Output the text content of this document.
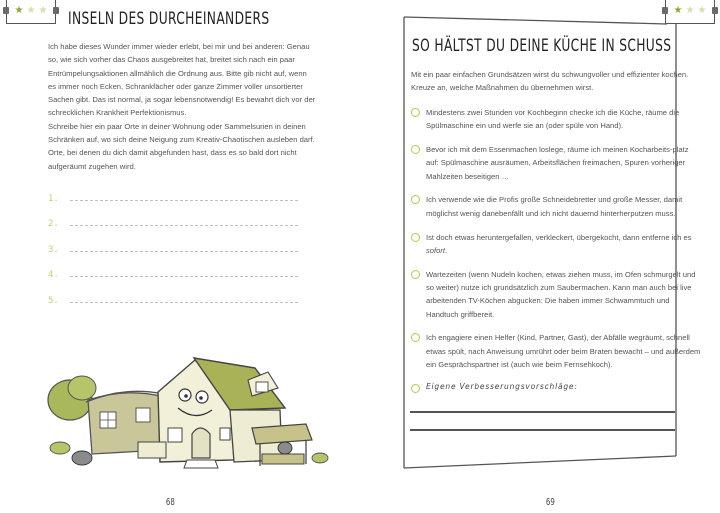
★ ★ ★ INSELN DES DURCHEINANDERS

Ich habe dieses Wunder immer wieder erlebt, bei mir und bei anderen: Genau so, wie sich vorher das Chaos ausgebreitet hat, breitet sich nach ein paar Entrümpelungsaktionen allmählich die Ordnung aus. Bitte gib nicht auf, wenn es immer noch Ecken, Schrankfächer oder ganze Zimmer voller unsortierter Sachen gibt. Das ist normal, ja sogar lebensnotwendig! Es bewahrt dich vor der schrecklichen Krankheit Perfektionismus.

Schreibe hier ein paar Orte in deiner Wohnung oder Sammelsurien in deinen Schränken auf, wo sich deine Neigung zum Kreativ-Chaotischen ausleben darf. Orte, bei denen du dich damit abgefunden hast, dass es so bald dort nicht aufgeräumt zugehen wird.

1.
2.
3.
4.
5.
68
★ ★ ★
SO HÄLTST DU DEINE KÜCHE IN SCHUSS
Mit ein paar einfachen Grundsätzen wirst du schwungvoller und effizienter kochen. Kreuze an, welche Maßnahmen du übernehmen wirst.
Mindestens zwei Stunden vor Kochbeginn checke ich die Küche, räume die Spülmaschine ein und werfe sie an (oder spüle von Hand).
Bevor ich mit dem Essenmachen loslege, räume ich meinen Kocharbeits-platz auf: Spülmaschine ausräumen, Arbeitsflächen freimachen, Spuren vorheriger Mahlzeiten beseitigen …
Ich verwende wie die Profis große Schneidebretter und große Messer, damit möglichst wenig danebenfällt und ich nicht dauernd hinterherputzen muss.
Ist doch etwas heruntergefallen, verkleckert, übergekocht, dann entferne ich es sofort.
Wartezeiten (wenn Nudeln kochen, etwas ziehen muss, im Ofen schmurgelt und so weiter) nutze ich grundsätzlich zum Saubermachen. Kann man auch bei live arbeitenden TV-Köchen abgucken: Die haben immer Schwammtuch und Handtuch griffbereit.
Ich engagiere einen Helfer (Kind, Partner, Gast), der Abfälle wegräumt, schnell etwas spült, nach Anweisung umrührt oder beim Braten bewacht – und außerdem ein Gesprächspartner ist (auch wie beim Fernsehkoch).
Eigene Verbesserungsvorschläge:
69
